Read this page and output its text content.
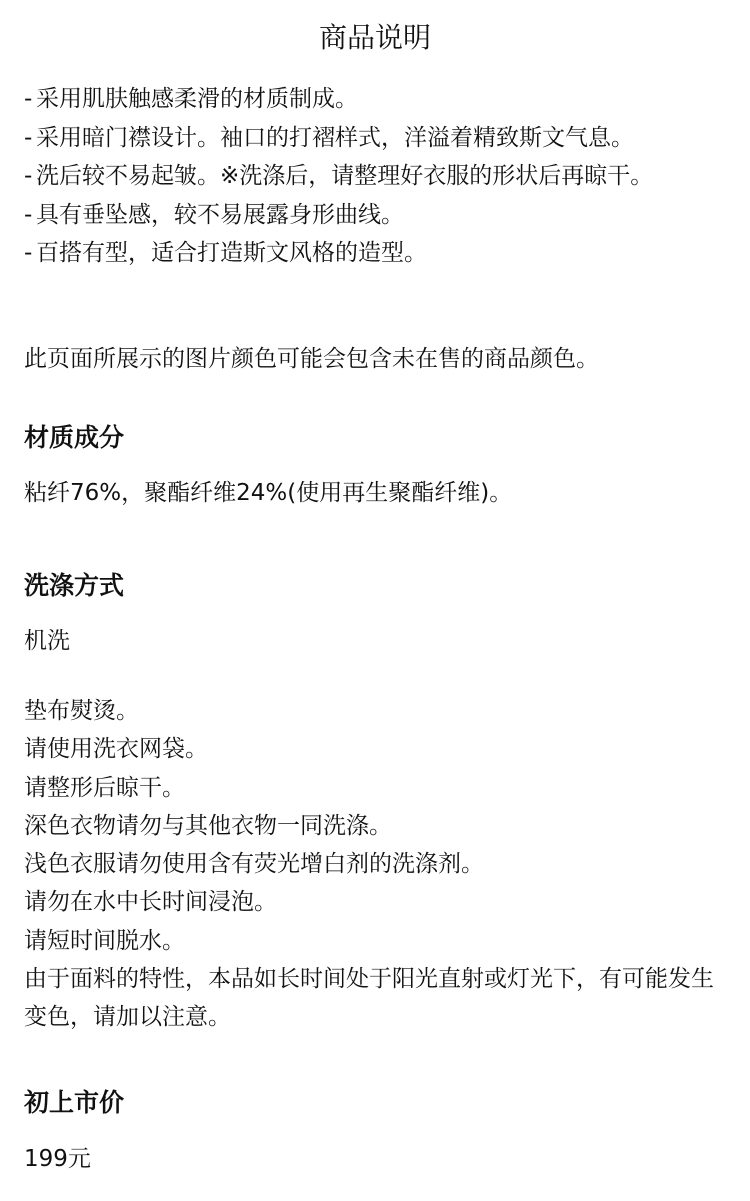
商品说明
- 采用肌肤触感柔滑的材质制成。
- 采用暗门襟设计。袖口的打褶样式，洋溢着精致斯文气息。
- 洗后较不易起皱。※洗涤后，请整理好衣服的形状后再晾干。
- 具有垂坠感，较不易展露身形曲线。
- 百搭有型，适合打造斯文风格的造型。

此页面所展示的图片颜色可能会包含未在售的商品颜色。

材质成分

粘纤76%，聚酯纤维24%(使用再生聚酯纤维)。

洗涤方式

机洗

垫布熨烫。
请使用洗衣网袋。
请整形后晾干。
深色衣物请勿与其他衣物一同洗涤。
浅色衣服请勿使用含有荧光增白剂的洗涤剂。
请勿在水中长时间浸泡。
请短时间脱水。
由于面料的特性，本品如长时间处于阳光直射或灯光下，有可能发生变色，请加以注意。
初上市价

199元
